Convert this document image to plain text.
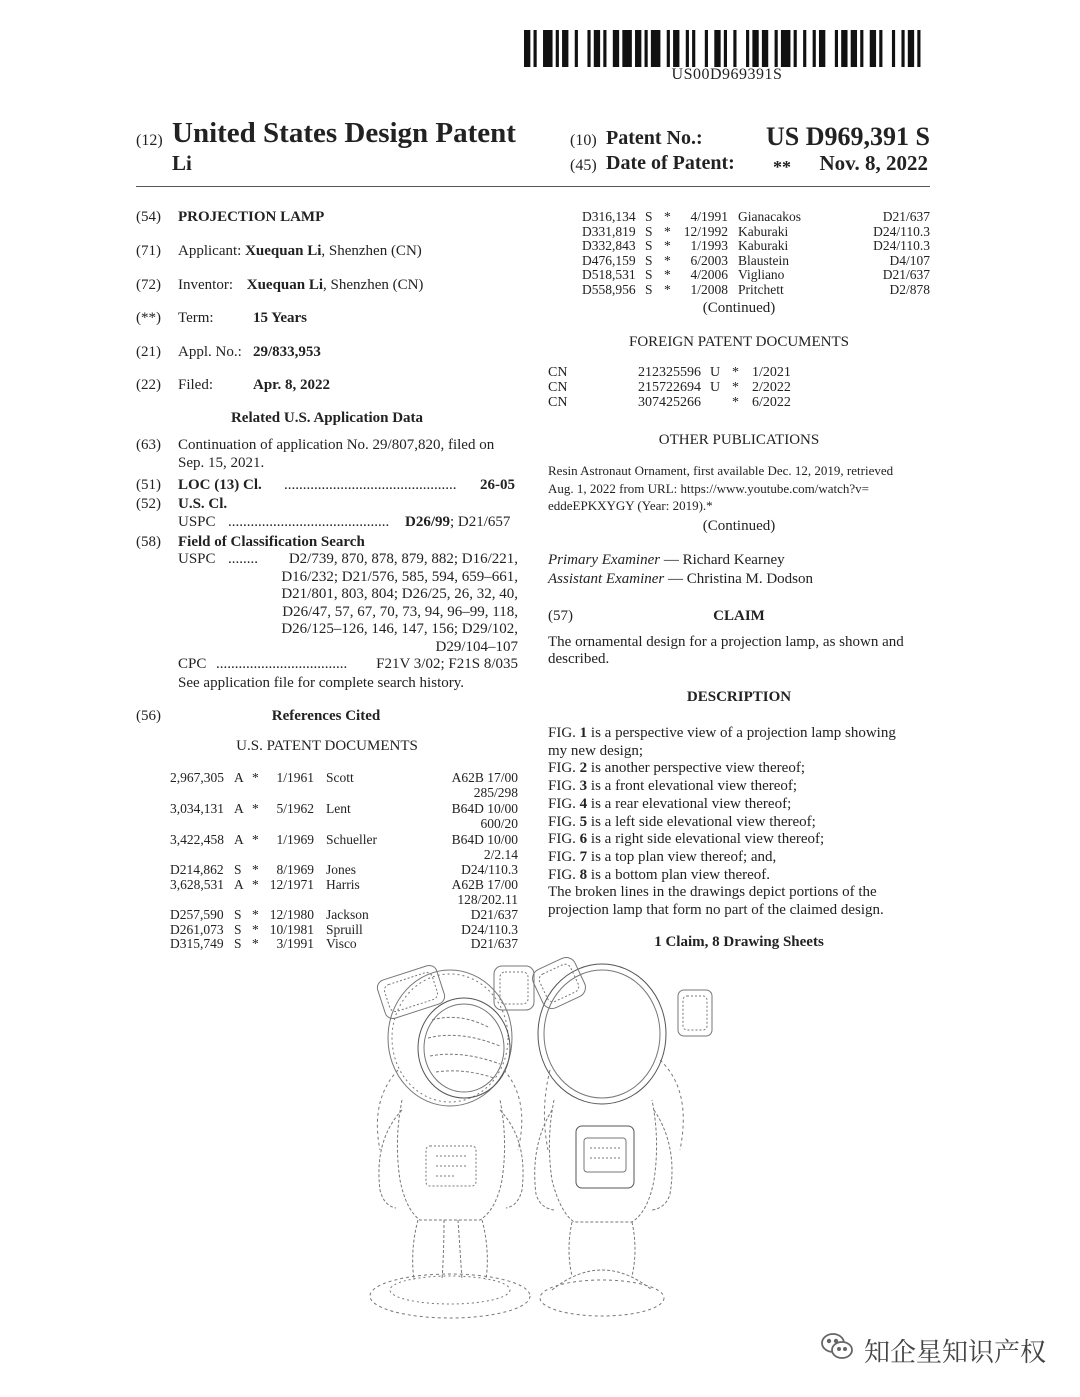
US00D969391S
(12) United States Design Patent
Li
(10) Patent No.:	US D969,391 S
(45) Date of Patent: **	Nov. 8, 2022
(54) PROJECTION LAMP
(71) Applicant: Xuequan Li, Shenzhen (CN)
(72) Inventor: Xuequan Li, Shenzhen (CN)
(**) Term:	15 Years
(21) Appl. No.: 29/833,953
(22) Filed:	Apr. 8, 2022
Related U.S. Application Data
(63) Continuation of application No. 29/807,820, filed on
Sep. 15, 2021.
(51) LOC (13) Cl. ..............................................	26-05
(52) U.S. Cl.
USPC ...........................................	D26/99; D21/657
(58) Field of Classification Search
USPC ........	D2/739, 870, 878, 879, 882; D16/221,
D16/232; D21/576, 585, 594, 659–661,
D21/801, 803, 804; D26/25, 26, 32, 40,
D26/47, 57, 67, 70, 73, 94, 96–99, 118,
D26/125–126, 146, 147, 156; D29/102,
D29/104–107
CPC ...................................	F21V 3/02; F21S 8/035
See application file for complete search history.
(56)	References Cited
U.S. PATENT DOCUMENTS
2,967,305 A *	1/1961 Scott	A62B 17/00
285/298
3,034,131 A *	5/1962 Lent	B64D 10/00
600/20
3,422,458 A *	1/1969 Schueller	B64D 10/00
2/2.14
D214,862 S *	8/1969 Jones	D24/110.3
3,628,531 A * 12/1971 Harris	A62B 17/00
128/202.11
D257,590 S * 12/1980 Jackson	D21/637
D261,073 S * 10/1981 Spruill	D24/110.3
D315,749 S *	3/1991 Visco	D21/637
D316,134 S *	4/1991 Gianacakos	D21/637
D331,819 S * 12/1992 Kaburaki	D24/110.3
D332,843 S *	1/1993 Kaburaki	D24/110.3
D476,159 S *	6/2003 Blaustein	D4/107
D518,531 S *	4/2006 Vigliano	D21/637
D558,956 S *	1/2008 Pritchett	D2/878
(Continued)
FOREIGN PATENT DOCUMENTS
CN	212325596 U * 1/2021
CN	215722694 U * 2/2022
CN	307425266 * 6/2022
OTHER PUBLICATIONS
Resin Astronaut Ornament, first available Dec. 12, 2019, retrieved
Aug. 1, 2022 from URL: https://www.youtube.com/watch?v=
eddeEPKXYGY (Year: 2019).*
(Continued)
Primary Examiner — Richard Kearney
Assistant Examiner — Christina M. Dodson
(57)	CLAIM
The ornamental design for a projection lamp, as shown and
described.
DESCRIPTION
FIG. 1 is a perspective view of a projection lamp showing
my new design;
FIG. 2 is another perspective view thereof;
FIG. 3 is a front elevational view thereof;
FIG. 4 is a rear elevational view thereof;
FIG. 5 is a left side elevational view thereof;
FIG. 6 is a right side elevational view thereof;
FIG. 7 is a top plan view thereof; and,
FIG. 8 is a bottom plan view thereof.
The broken lines in the drawings depict portions of the
projection lamp that form no part of the claimed design.
1 Claim, 8 Drawing Sheets
知企星知识产权
